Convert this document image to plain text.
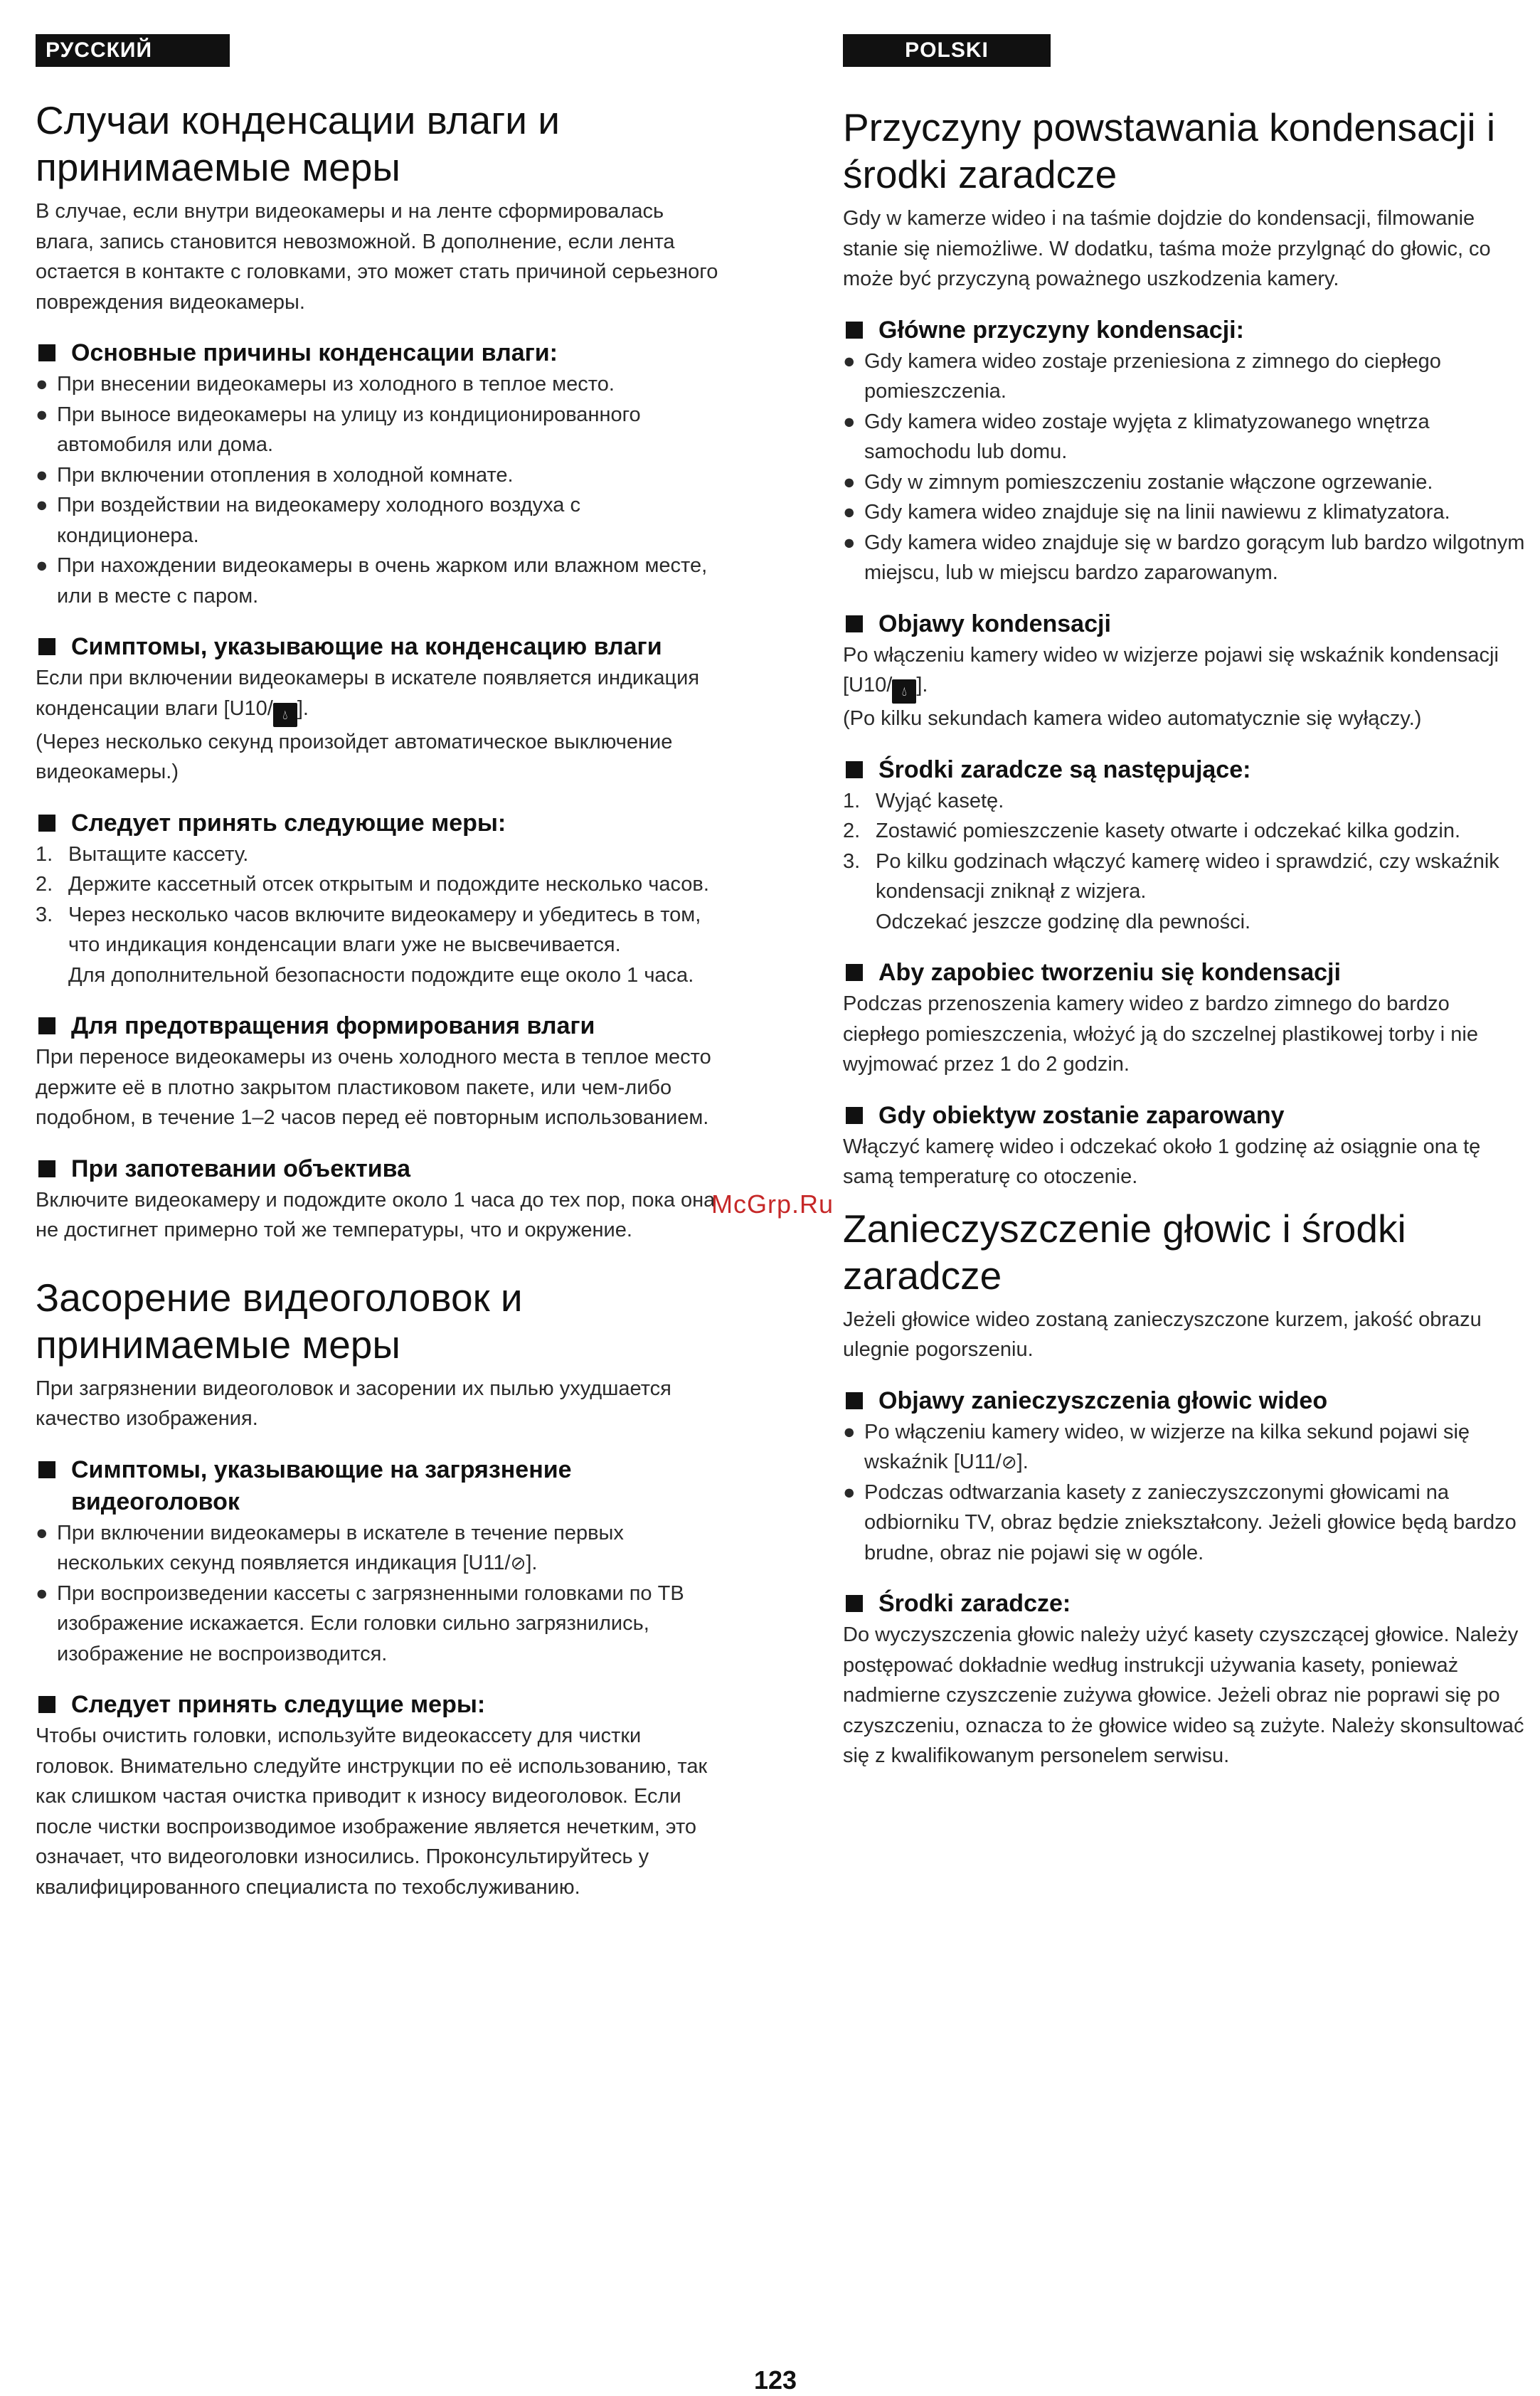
РУССКИЙ ЯЗЫК
Случаи конденсации влаги и принимаемые меры

В случае, если внутри видеокамеры и на ленте сформировалась влага, запись становится невозможной. В дополнение, если лента остается в контакте с головками, это может стать причиной серьезного повреждения видеокамеры.

Основные причины конденсации влаги:
● При внесении видеокамеры из холодного в теплое место.
● При выносе видеокамеры на улицу из кондиционированного автомобиля или дома.
● При включении отопления в холодной комнате.
● При воздействии на видеокамеру холодного воздуха с кондиционера.
● При нахождении видеокамеры в очень жарком или влажном месте, или в месте с паром.
Симптомы, указывающие на конденсацию влаги

Если при включении видеокамеры в искателе появляется индикация конденсации влаги [U10/ 💧︎ ].

(Через несколько секунд произойдет автоматическое выключение видеокамеры.)

Следует принять следующие меры:
1. Вытащите кассету.
2. Держите кассетный отсек открытым и подождите несколько часов.
3. Через несколько часов включите видеокамеру и убедитесь в том, что индикация конденсации влаги уже не высвечивается.
Для дополнительной безопасности подождите еще около 1 часа.
Для предотвращения формирования влаги

При переносе видеокамеры из очень холодного места в теплое место держите её в плотно закрытом пластиковом пакете, или чем-либо подобном, в течение 1–2 часов перед её повторным использованием.

При запотевании объектива

Включите видеокамеру и подождите около 1 часа до тех пор, пока она не достигнет примерно той же температуры, что и окружение.

Засорение видеоголовок и принимаемые меры

При загрязнении видеоголовок и засорении их пылью ухудшается качество изображения.

Симптомы, указывающие на загрязнение видеоголовок
● При включении видеокамеры в искателе в течение первых нескольких секунд появляется индикация [U11/⊘].
● При воспроизведении кассеты с загрязненными головками по ТВ изображение искажается. Если головки сильно загрязнились, изображение не воспроизводится.
Следует принять следущие меры:

Чтобы очистить головки, используйте видеокассету для чистки головок. Внимательно следуйте инструкции по её использованию, так как слишком частая очистка приводит к износу видеоголовок. Если после чистки воспроизводимое изображение является нечетким, это означает, что видеоголовки износились. Проконсультируйтесь у квалифицированного специалиста по техобслуживанию.

POLSKI
Przyczyny powstawania kondensacji i środki zaradcze

Gdy w kamerze wideo i na taśmie dojdzie do kondensacji, filmowanie stanie się niemożliwe. W dodatku, taśma może przylgnąć do głowic, co może być przyczyną poważnego uszkodzenia kamery.

Główne przyczyny kondensacji:
● Gdy kamera wideo zostaje przeniesiona z zimnego do ciepłego pomieszczenia.
● Gdy kamera wideo zostaje wyjęta z klimatyzowanego wnętrza samochodu lub domu.
● Gdy w zimnym pomieszczeniu zostanie włączone ogrzewanie.
● Gdy kamera wideo znajduje się na linii nawiewu z klimatyzatora.
● Gdy kamera wideo znajduje się w bardzo gorącym lub bardzo wilgotnym miejscu, lub w miejscu bardzo zaparowanym.
Objawy kondensacji

Po włączeniu kamery wideo w wizjerze pojawi się wskaźnik kondensacji [U10/ 💧︎ ].

(Po kilku sekundach kamera wideo automatycznie się wyłączy.)

Środki zaradcze są następujące:
1. Wyjąć kasetę.
2. Zostawić pomieszczenie kasety otwarte i odczekać kilka godzin.
3. Po kilku godzinach włączyć kamerę wideo i sprawdzić, czy wskaźnik kondensacji zniknął z wizjera.
Odczekać jeszcze godzinę dla pewności.
Aby zapobiec tworzeniu się kondensacji

Podczas przenoszenia kamery wideo z bardzo zimnego do bardzo ciepłego pomieszczenia, włożyć ją do szczelnej plastikowej torby i nie wyjmować przez 1 do 2 godzin.

Gdy obiektyw zostanie zaparowany

Włączyć kamerę wideo i odczekać około 1 godzinę aż osiągnie ona tę samą temperaturę co otoczenie.

Zanieczyszczenie głowic i środki zaradcze

Jeżeli głowice wideo zostaną zanieczyszczone kurzem, jakość obrazu ulegnie pogorszeniu.

Objawy zanieczyszczenia głowic wideo
● Po włączeniu kamery wideo, w wizjerze na kilka sekund pojawi się wskaźnik [U11/⊘].
● Podczas odtwarzania kasety z zanieczyszczonymi głowicami na odbiorniku TV, obraz będzie zniekształcony. Jeżeli głowice będą bardzo brudne, obraz nie pojawi się w ogóle.
Środki zaradcze:

Do wyczyszczenia głowic należy użyć kasety czyszczącej głowice. Należy postępować dokładnie według instrukcji używania kasety, ponieważ nadmierne czyszczenie zużywa głowice. Jeżeli obraz nie poprawi się po czyszczeniu, oznacza to że głowice wideo są zużyte. Należy skonsultować się z kwalifikowanym personelem serwisu.

McGrp.Ru
123
